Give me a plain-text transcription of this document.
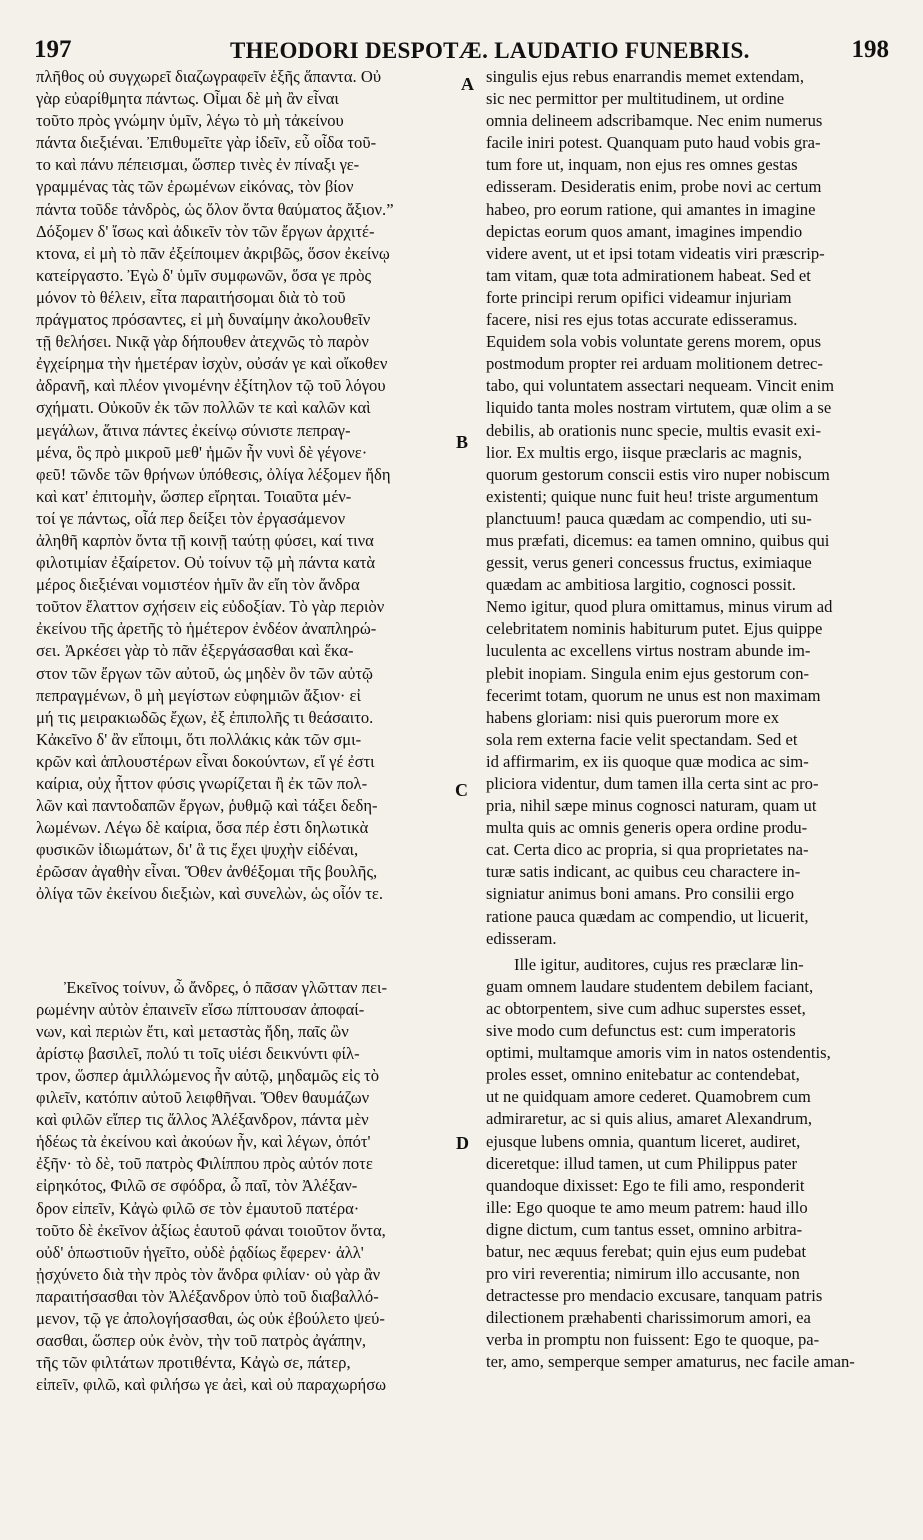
197	THEODORI DESPOTÆ. LAUDATIO FUNEBRIS.	198
A
B
C
D
πλῆθος οὐ συγχωρεῖ διαζωγραφεῖν ἑξῆς ἅπαντα. Οὐ
γὰρ εὐαρίθμητα πάντως. Οἶμαι δὲ μὴ ἂν εἶναι
τοῦτο πρὸς γνώμην ὑμῖν, λέγω τὸ μὴ τἀκείνου
πάντα διεξιέναι. Ἐπιθυμεῖτε γὰρ ἰδεῖν, εὖ οἶδα τοῦ-
το καὶ πάνυ πέπεισμαι, ὥσπερ τινὲς ἐν πίναξι γε-
γραμμένας τὰς τῶν ἐρωμένων εἰκόνας, τὸν βίον
πάντα τοῦδε τἀνδρὸς, ὡς ὅλον ὄντα θαύματος ἄξιον.”
Δόξομεν δ' ἴσως καὶ ἀδικεῖν τὸν τῶν ἔργων ἀρχιτέ-
κτονα, εἰ μὴ τὸ πᾶν ἐξείποιμεν ἀκριβῶς, ὅσον ἐκείνῳ
κατείργαστο. Ἐγὼ δ' ὑμῖν συμφωνῶν, ὅσα γε πρὸς
μόνον τὸ θέλειν, εἶτα παραιτήσομαι διὰ τὸ τοῦ
πράγματος πρόσαντες, εἰ μὴ δυναίμην ἀκολουθεῖν
τῇ θελήσει. Νικᾷ γὰρ δήπουθεν ἀτεχνῶς τὸ παρὸν
ἐγχείρημα τὴν ἡμετέραν ἰσχὺν, οὐσάν γε καὶ οἴκοθεν
ἀδρανῆ, καὶ πλέον γινομένην ἐξίτηλον τῷ τοῦ λόγου
σχήματι. Οὐκοῦν ἐκ τῶν πολλῶν τε καὶ καλῶν καὶ
μεγάλων, ἅτινα πάντες ἐκείνῳ σύνιστε πεπραγ-
μένα, ὃς πρὸ μικροῦ μεθ' ἡμῶν ἦν νυνὶ δὲ γέγονε·
φεῦ! τῶνδε τῶν θρήνων ὑπόθεσις, ὀλίγα λέξομεν ἤδη
καὶ κατ' ἐπιτομὴν, ὥσπερ εἴρηται. Τοιαῦτα μέν-
τοί γε πάντως, οἷά περ δείξει τὸν ἐργασάμενον
ἀληθῆ καρπὸν ὄντα τῇ κοινῇ ταύτῃ φύσει, καί τινα
φιλοτιμίαν ἐξαίρετον. Οὐ τοίνυν τῷ μὴ πάντα κατὰ
μέρος διεξιέναι νομιστέον ἡμῖν ἂν εἴη τὸν ἄνδρα
τοῦτον ἔλαττον σχήσειν εἰς εὐδοξίαν. Τὸ γὰρ περιὸν
ἐκείνου τῆς ἀρετῆς τὸ ἡμέτερον ἐνδέον ἀναπληρώ-
σει. Ἀρκέσει γὰρ τὸ πᾶν ἐξεργάσασθαι καὶ ἕκα-
στον τῶν ἔργων τῶν αὐτοῦ, ὡς μηδὲν ὂν τῶν αὐτῷ
πεπραγμένων, ὃ μὴ μεγίστων εὐφημιῶν ἄξιον· εἰ
μή τις μειρακιωδῶς ἔχων, ἐξ ἐπιπολῆς τι θεάσαιτο.
Κἀκεῖνο δ' ἂν εἴποιμι, ὅτι πολλάκις κἀκ τῶν σμι-
κρῶν καὶ ἁπλουστέρων εἶναι δοκούντων, εἴ γέ ἐστι
καίρια, οὐχ ἧττον φύσις γνωρίζεται ἢ ἐκ τῶν πολ-
λῶν καὶ παντοδαπῶν ἔργων, ῥυθμῷ καὶ τάξει δεδη-
λωμένων. Λέγω δὲ καίρια, ὅσα πέρ ἐστι δηλωτικὰ
φυσικῶν ἰδιωμάτων, δι' ἃ τις ἔχει ψυχὴν εἰδέναι,
ἐρῶσαν ἀγαθὴν εἶναι. Ὅθεν ἀνθέξομαι τῆς βουλῆς,
ὀλίγα τῶν ἐκείνου διεξιὼν, καὶ συνελὼν, ὡς οἷόν τε.
Ἐκεῖνος τοίνυν, ὦ ἄνδρες, ὁ πᾶσαν γλῶτταν πει-
ρωμένην αὐτὸν ἐπαινεῖν εἴσω πίπτουσαν ἀποφαί-
νων, καὶ περιὼν ἔτι, καὶ μεταστὰς ἤδη, παῖς ὢν
ἀρίστῳ βασιλεῖ, πολύ τι τοῖς υἱέσι δεικνύντι φίλ-
τρον, ὥσπερ ἁμιλλώμενος ἦν αὐτῷ, μηδαμῶς εἰς τὸ
φιλεῖν, κατόπιν αὐτοῦ λειφθῆναι. Ὅθεν θαυμάζων
καὶ φιλῶν εἴπερ τις ἄλλος Ἀλέξανδρον, πάντα μὲν
ἡδέως τὰ ἐκείνου καὶ ἀκούων ἦν, καὶ λέγων, ὁπότ'
ἐξῆν· τὸ δὲ, τοῦ πατρὸς Φιλίππου πρὸς αὐτόν ποτε
εἰρηκότος, Φιλῶ σε σφόδρα, ὦ παῖ, τὸν Ἀλέξαν-
δρον εἰπεῖν, Κἀγὼ φιλῶ σε τὸν ἐμαυτοῦ πατέρα·
τοῦτο δὲ ἐκεῖνον ἀξίως ἑαυτοῦ φάναι τοιοῦτον ὄντα,
οὐδ' ὁπωστιοῦν ἡγεῖτο, οὐδὲ ῥᾳδίως ἔφερεν· ἀλλ'
ᾐσχύνετο διὰ τὴν πρὸς τὸν ἄνδρα φιλίαν· οὐ γὰρ ἂν
παραιτήσασθαι τὸν Ἀλέξανδρον ὑπὸ τοῦ διαβαλλό-
μενον, τῷ γε ἀπολογήσασθαι, ὡς οὐκ ἐβούλετο ψεύ-
σασθαι, ὥσπερ οὐκ ἐνὸν, τὴν τοῦ πατρὸς ἀγάπην,
τῆς τῶν φιλτάτων προτιθέντα, Κἀγὼ σε, πάτερ,
εἰπεῖν, φιλῶ, καὶ φιλήσω γε ἀεὶ, καὶ οὐ παραχωρήσω
singulis ejus rebus enarrandis memet extendam,
sic nec permittor per multitudinem, ut ordine
omnia delineem adscribamque. Nec enim numerus
facile iniri potest. Quanquam puto haud vobis gra-
tum fore ut, inquam, non ejus res omnes gestas
edisseram. Desideratis enim, probe novi ac certum
habeo, pro eorum ratione, qui amantes in imagine
depictas eorum quos amant, imagines impendio
videre avent, ut et ipsi totam videatis viri præscrip-
tam vitam, quæ tota admirationem habeat. Sed et
forte principi rerum opifici videamur injuriam
facere, nisi res ejus totas accurate edisseramus.
Equidem sola vobis voluntate gerens morem, opus
postmodum propter rei arduam molitionem detrec-
tabo, qui voluntatem assectari nequeam. Vincit enim
liquido tanta moles nostram virtutem, quæ olim a se
debilis, ab orationis nunc specie, multis evasit exi-
lior. Ex multis ergo, iisque præclaris ac magnis,
quorum gestorum conscii estis viro nuper nobiscum
existenti; quique nunc fuit heu! triste argumentum
planctuum! pauca quædam ac compendio, uti su-
mus præfati, dicemus: ea tamen omnino, quibus qui
gessit, verus generi concessus fructus, eximiaque
quædam ac ambitiosa largitio, cognosci possit.
Nemo igitur, quod plura omittamus, minus virum ad
celebritatem nominis habiturum putet. Ejus quippe
luculenta ac excellens virtus nostram abunde im-
plebit inopiam. Singula enim ejus gestorum con-
fecerimt totam, quorum ne unus est non maximam
habens gloriam: nisi quis puerorum more ex
sola rem externa facie velit spectandam. Sed et
id affirmarim, ex iis quoque quæ modica ac sim-
pliciora videntur, dum tamen illa certa sint ac pro-
pria, nihil sæpe minus cognosci naturam, quam ut
multa quis ac omnis generis opera ordine produ-
cat. Certa dico ac propria, si qua proprietates na-
turæ satis indicant, ac quibus ceu charactere in-
signiatur animus boni amans. Pro consilii ergo
ratione pauca quædam ac compendio, ut licuerit,
edisseram.
Ille igitur, auditores, cujus res præclaræ lin-
guam omnem laudare studentem debilem faciant,
ac obtorpentem, sive cum adhuc superstes esset,
sive modo cum defunctus est: cum imperatoris
optimi, multamque amoris vim in natos ostendentis,
proles esset, omnino enitebatur ac contendebat,
ut ne quidquam amore cederet. Quamobrem cum
admiraretur, ac si quis alius, amaret Alexandrum,
ejusque lubens omnia, quantum liceret, audiret,
diceretque: illud tamen, ut cum Philippus pater
quandoque dixisset: Ego te fili amo, responderit
ille: Ego quoque te amo meum patrem: haud illo
digne dictum, cum tantus esset, omnino arbitra-
batur, nec æquus ferebat; quin ejus eum pudebat
pro viri reverentia; nimirum illo accusante, non
detractesse pro mendacio excusare, tanquam patris
dilectionem præhabenti charissimorum amori, ea
verba in promptu non fuissent: Ego te quoque, pa-
ter, amo, semperque semper amaturus, nec facile aman-
